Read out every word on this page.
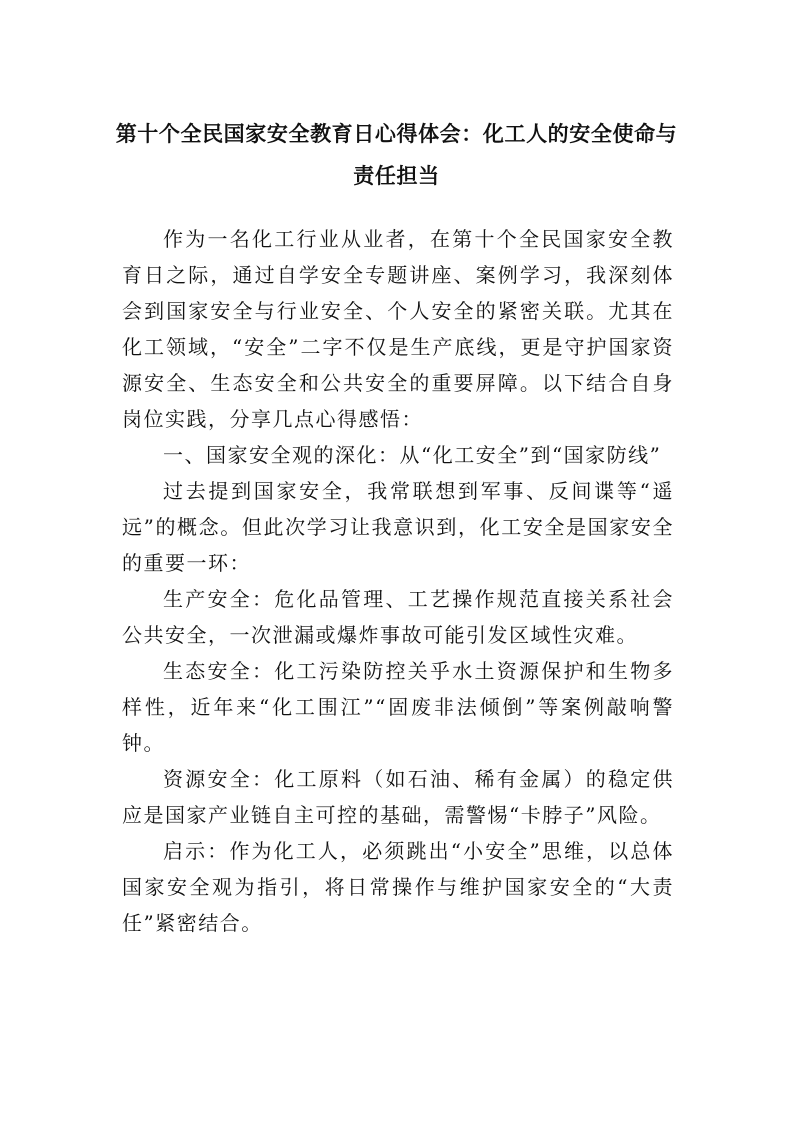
第十个全民国家安全教育日心得体会：化工人的安全使命与
责任担当

作为一名化工行业从业者，在第十个全民国家安全教育日之际，通过自学安全专题讲座、案例学习，我深刻体会到国家安全与行业安全、个人安全的紧密关联。尤其在化工领域，“安全”二字不仅是生产底线，更是守护国家资源安全、生态安全和公共安全的重要屏障。以下结合自身岗位实践，分享几点心得感悟：

一、国家安全观的深化：从“化工安全”到“国家防线”

过去提到国家安全，我常联想到军事、反间谍等“遥远”的概念。但此次学习让我意识到，化工安全是国家安全的重要一环：

生产安全：危化品管理、工艺操作规范直接关系社会公共安全，一次泄漏或爆炸事故可能引发区域性灾难。

生态安全：化工污染防控关乎水土资源保护和生物多样性，近年来“化工围江”“固废非法倾倒”等案例敲响警钟。

资源安全：化工原料（如石油、稀有金属）的稳定供应是国家产业链自主可控的基础，需警惕“卡脖子”风险。

启示：作为化工人，必须跳出“小安全”思维，以总体国家安全观为指引，将日常操作与维护国家安全的“大责任”紧密结合。
